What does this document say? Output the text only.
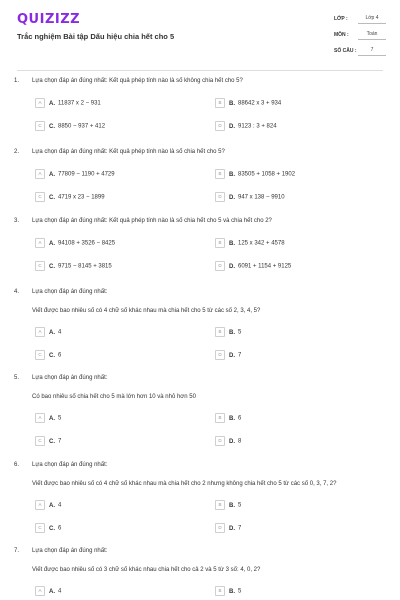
QUIZIZZ
Trắc nghiệm Bài tập Dấu hiệu chia hết cho 5
LỚP :	Lớp 4
MÔN :	Toán
SỐ CÂU :	7
1. Lựa chọn đáp án đúng nhất: Kết quả phép tính nào là số không chia hết cho 5?
A A. 11837 x 2 − 931	B B. 88642 x 3 + 934
C C. 8850 − 937 + 412	D D. 9123 : 3 + 824
2. Lựa chọn đáp án đúng nhất: Kết quả phép tính nào là số chia hết cho 5?
A A. 77809 − 1190 + 4729	B B. 83505 + 1058 + 1902
C C. 4719 x 23 − 1899	D D. 947 x 138 − 9910
3. Lựa chọn đáp án đúng nhất: Kết quả phép tính nào là số chia hết cho 5 và chia hết cho 2?
A A. 94108 + 3526 − 8425	B B. 125 x 342 + 4578
C C. 9715 − 8145 + 3815	D D. 6091 + 1154 + 9125
4. Lựa chọn đáp án đúng nhất:
Viết được bao nhiêu số có 4 chữ số khác nhau mà chia hết cho 5 từ các số 2, 3, 4, 5?
A A. 4	B B. 5
C C. 6	D D. 7
5. Lựa chọn đáp án đúng nhất:
Có bao nhiêu số chia hết cho 5 mà lớn hơn 10 và nhỏ hơn 50
A A. 5	B B. 6
C C. 7	D D. 8
6. Lựa chọn đáp án đúng nhất:
Viết được bao nhiêu số có 4 chữ số khác nhau mà chia hết cho 2 nhưng không chia hết cho 5 từ các số 0, 3, 7, 2?
A A. 4	B B. 5
C C. 6	D D. 7
7. Lựa chọn đáp án đúng nhất:
Viết được bao nhiêu số có 3 chữ số khác nhau chia hết cho cả 2 và 5 từ 3 số: 4, 0, 2?
A A. 4	B B. 5
